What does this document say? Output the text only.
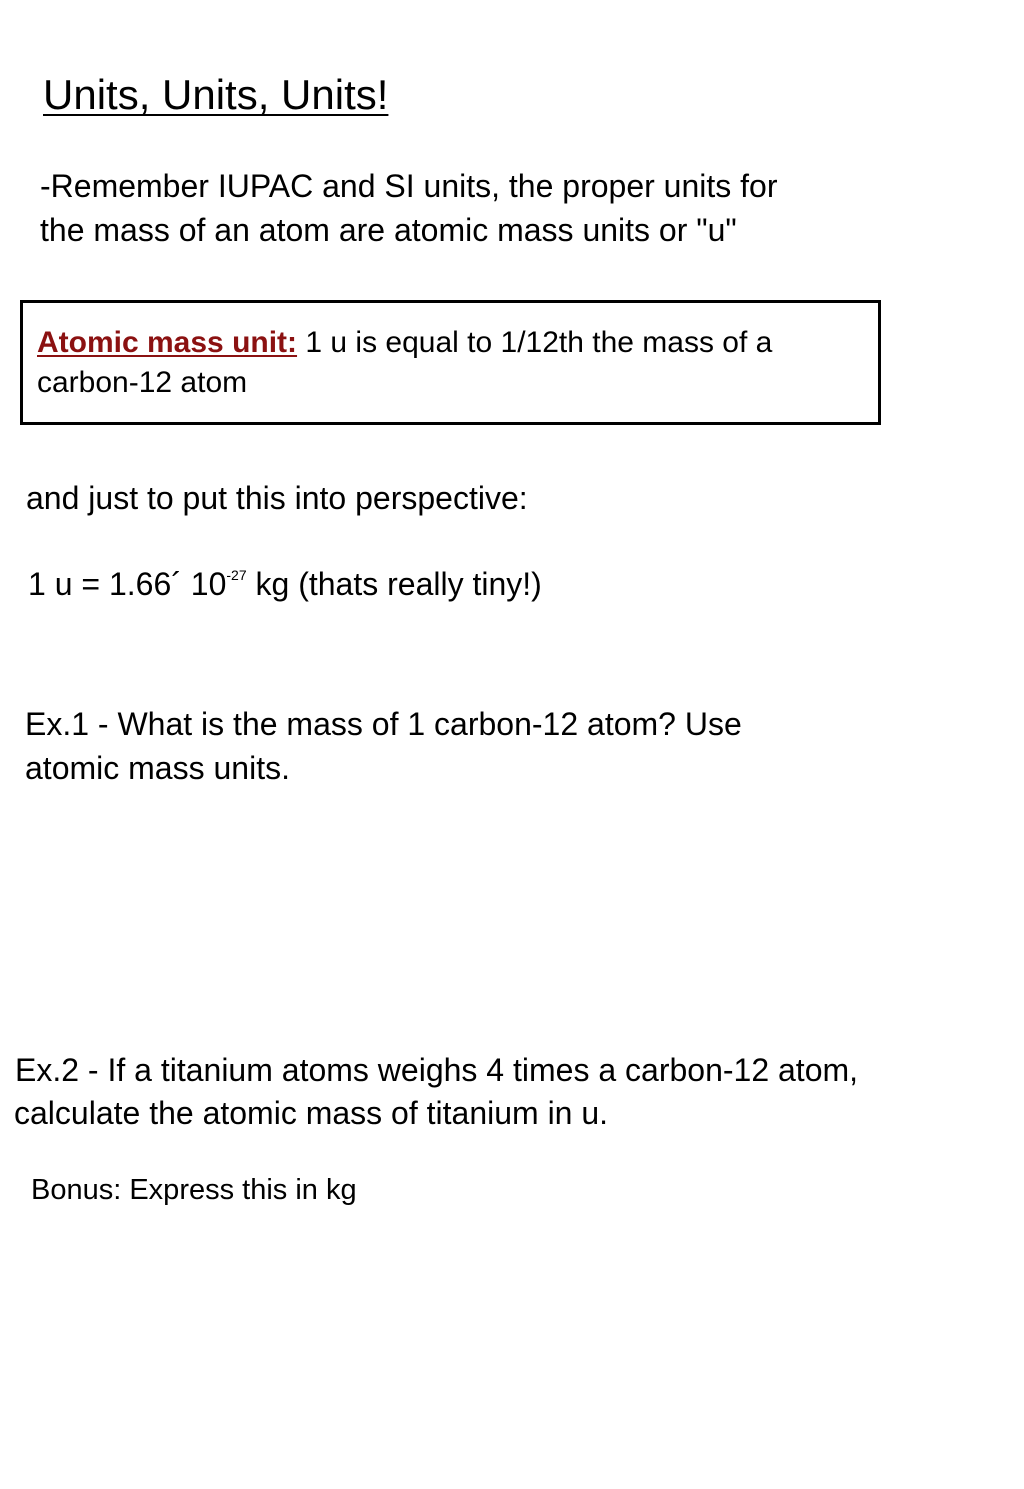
Units, Units, Units!
-Remember IUPAC and SI units, the proper units for
the mass of an atom are atomic mass units or "u"
Atomic mass unit: 1 u is equal to 1/12th the mass of a
carbon-12 atom
and just to put this into perspective:
1 u = 1.66´ $10^{-27}$ kg (thats really tiny!)
Ex.1 - What is the mass of 1 carbon-12 atom? Use
atomic mass units.
Ex.2 - If a titanium atoms weighs 4 times a carbon-12 atom,
calculate the atomic mass of titanium in u.
Bonus: Express this in kg
